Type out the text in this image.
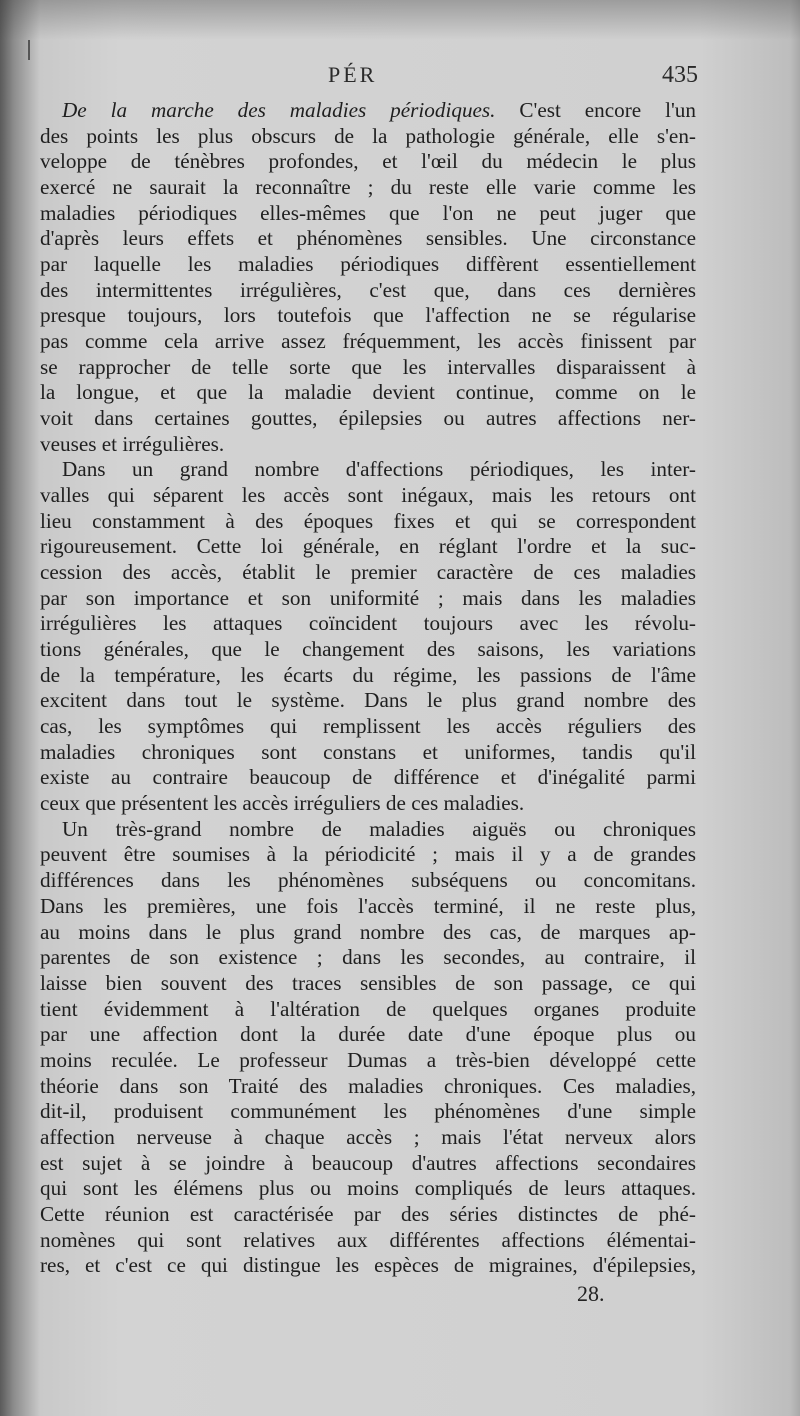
PÉR	435
De la marche des maladies périodiques. C'est encore l'un
des points les plus obscurs de la pathologie générale, elle s'en-
veloppe de ténèbres profondes, et l'œil du médecin le plus
exercé ne saurait la reconnaître ; du reste elle varie comme les
maladies périodiques elles-mêmes que l'on ne peut juger que
d'après leurs effets et phénomènes sensibles. Une circonstance
par laquelle les maladies périodiques diffèrent essentiellement
des intermittentes irrégulières, c'est que, dans ces dernières
presque toujours, lors toutefois que l'affection ne se régularise
pas comme cela arrive assez fréquemment, les accès finissent par
se rapprocher de telle sorte que les intervalles disparaissent à
la longue, et que la maladie devient continue, comme on le
voit dans certaines gouttes, épilepsies ou autres affections ner-
veuses et irrégulières.
Dans un grand nombre d'affections périodiques, les inter-
valles qui séparent les accès sont inégaux, mais les retours ont
lieu constamment à des époques fixes et qui se correspondent
rigoureusement. Cette loi générale, en réglant l'ordre et la suc-
cession des accès, établit le premier caractère de ces maladies
par son importance et son uniformité ; mais dans les maladies
irrégulières les attaques coïncident toujours avec les révolu-
tions générales, que le changement des saisons, les variations
de la température, les écarts du régime, les passions de l'âme
excitent dans tout le système. Dans le plus grand nombre des
cas, les symptômes qui remplissent les accès réguliers des
maladies chroniques sont constans et uniformes, tandis qu'il
existe au contraire beaucoup de différence et d'inégalité parmi
ceux que présentent les accès irréguliers de ces maladies.
Un très-grand nombre de maladies aiguës ou chroniques
peuvent être soumises à la périodicité ; mais il y a de grandes
différences dans les phénomènes subséquens ou concomitans.
Dans les premières, une fois l'accès terminé, il ne reste plus,
au moins dans le plus grand nombre des cas, de marques ap-
parentes de son existence ; dans les secondes, au contraire, il
laisse bien souvent des traces sensibles de son passage, ce qui
tient évidemment à l'altération de quelques organes produite
par une affection dont la durée date d'une époque plus ou
moins reculée. Le professeur Dumas a très-bien développé cette
théorie dans son Traité des maladies chroniques. Ces maladies,
dit-il, produisent communément les phénomènes d'une simple
affection nerveuse à chaque accès ; mais l'état nerveux alors
est sujet à se joindre à beaucoup d'autres affections secondaires
qui sont les élémens plus ou moins compliqués de leurs attaques.
Cette réunion est caractérisée par des séries distinctes de phé-
nomènes qui sont relatives aux différentes affections élémentai-
res, et c'est ce qui distingue les espèces de migraines, d'épilepsies,
28.
